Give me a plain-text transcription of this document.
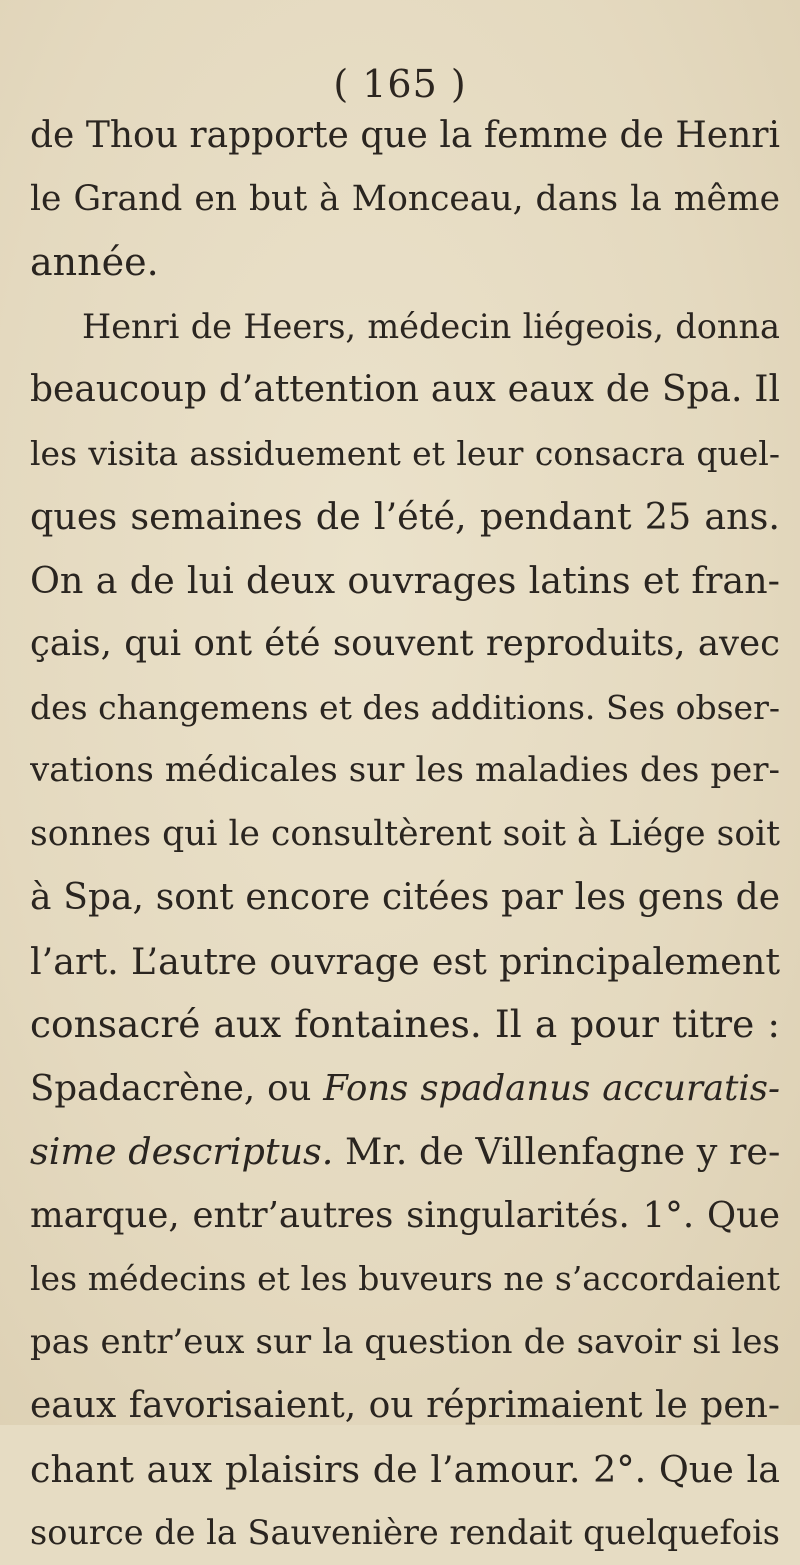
( 165 )
de Thou rapporte que la femme de Henri
le Grand en but à Monceau, dans la même
année.
Henri de Heers, médecin liégeois, donna
beaucoup d’attention aux eaux de Spa. Il
les visita assiduement et leur consacra quel-
ques semaines de l’été, pendant 25 ans.
On a de lui deux ouvrages latins et fran-
çais, qui ont été souvent reproduits, avec
des changemens et des additions. Ses obser-
vations médicales sur les maladies des per-
sonnes qui le consultèrent soit à Liége soit
à Spa, sont encore citées par les gens de
l’art. L’autre ouvrage est principalement
consacré aux fontaines. Il a pour titre :
Spadacrène, ou Fons spadanus accuratis-
sime descriptus. Mr. de Villenfagne y re-
marque, entr’autres singularités. 1°. Que
les médecins et les buveurs ne s’accordaient
pas entr’eux sur la question de savoir si les
eaux favorisaient, ou réprimaient le pen-
chant aux plaisirs de l’amour. 2°. Que la
source de la Sauvenière rendait quelquefois
